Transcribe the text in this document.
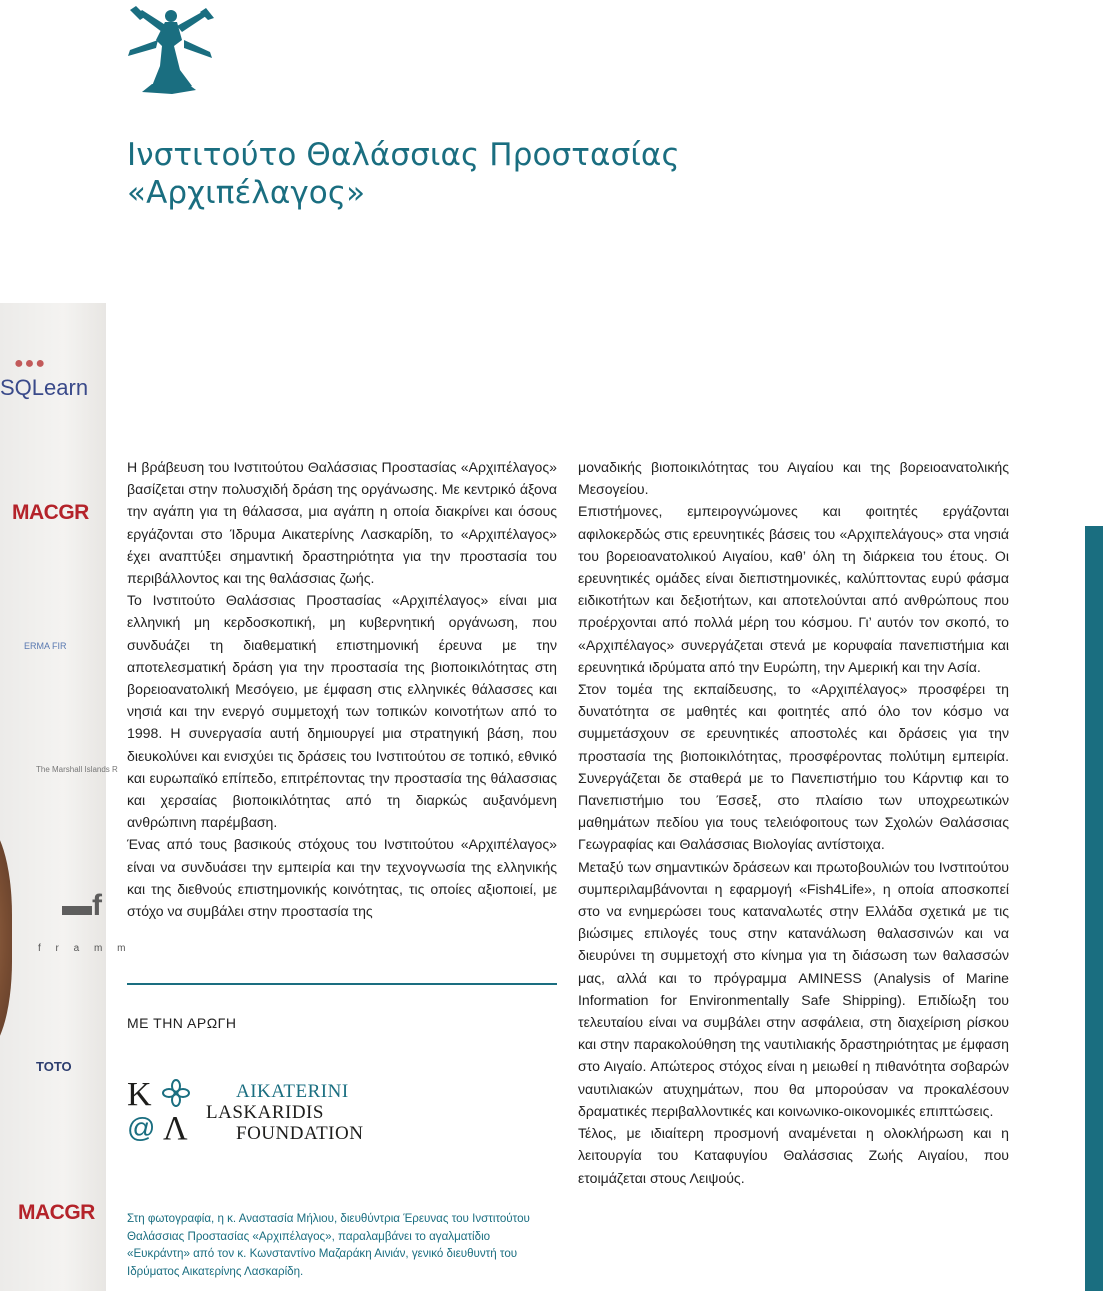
Ινστιτούτο Θαλάσσιας Προστασίας
«Αρχιπέλαγος»
●●●
SQLearn
MACGR
ERMA FIR
The Marshall Islands R
▬f
f r a m m
TOTO
MACGR

Η βράβευση του Ινστιτούτου Θαλάσσιας Προστασίας «Αρχιπέλαγος» βασίζεται στην πολυσχιδή δράση της οργάνωσης. Με κεντρικό άξονα την αγάπη για τη θάλασσα, μια αγάπη η οποία διακρίνει και όσους εργάζονται στο Ίδρυμα Αικατερίνης Λασκαρίδη, το «Αρχιπέλαγος» έχει αναπτύξει σημαντική δραστηριότητα για την προστασία του περιβάλλοντος και της θαλάσσιας ζωής.

Το Ινστιτούτο Θαλάσσιας Προστασίας «Αρχιπέλαγος» είναι μια ελληνική μη κερδοσκοπική, μη κυβερνητική οργάνωση, που συνδυάζει τη διαθεματική επιστημονική έρευνα με την αποτελεσματική δράση για την προστασία της βιοποικιλότητας στη βορειοανατολική Μεσόγειο, με έμφαση στις ελληνικές θάλασσες και νησιά και την ενεργό συμμετοχή των τοπικών κοινοτήτων από το 1998. Η συνεργασία αυτή δημιουργεί μια στρατηγική βάση, που διευκολύνει και ενισχύει τις δράσεις του Ινστιτούτου σε τοπικό, εθνικό και ευρωπαϊκό επίπεδο, επιτρέποντας την προστασία της θάλασσιας και χερσαίας βιοποικιλότητας από τη διαρκώς αυξανόμενη ανθρώπινη παρέμβαση.

Ένας από τους βασικούς στόχους του Ινστιτούτου «Αρχιπέλαγος» είναι να συνδυάσει την εμπειρία και την τεχνογνωσία της ελληνικής και της διεθνούς επιστημονικής κοινότητας, τις οποίες αξιοποιεί, με στόχο να συμβάλει στην προστασία της

ΜΕ ΤΗΝ ΑΡΩΓΗ

Κ
@ Λ

AIKATERINI
LASKARIDIS
FOUNDATION

Στη φωτογραφία, η κ. Αναστασία Μήλιου, διευθύντρια Έρευνας του Ινστιτούτου Θαλάσσιας Προστασίας «Αρχιπέλαγος», παραλαμβάνει το αγαλματίδιο «Ευκράντη» από τον κ. Κωνσταντίνο Μαζαράκη Αινιάν, γενικό διευθυντή του Ιδρύματος Αικατερίνης Λασκαρίδη.

μοναδικής βιοποικιλότητας του Αιγαίου και της βορειοανατολικής Μεσογείου.

Επιστήμονες, εμπειρογνώμονες και φοιτητές εργάζονται αφιλοκερδώς στις ερευνητικές βάσεις του «Αρχιπελάγους» στα νησιά του βορειοανατολικού Αιγαίου, καθ’ όλη τη διάρκεια του έτους. Οι ερευνητικές ομάδες είναι διεπιστημονικές, καλύπτοντας ευρύ φάσμα ειδικοτήτων και δεξιοτήτων, και αποτελούνται από ανθρώπους που προέρχονται από πολλά μέρη του κόσμου. Γι’ αυτόν τον σκοπό, το «Αρχιπέλαγος» συνεργάζεται στενά με κορυφαία πανεπιστήμια και ερευνητικά ιδρύματα από την Ευρώπη, την Αμερική και την Ασία.

Στον τομέα της εκπαίδευσης, το «Αρχιπέλαγος» προσφέρει τη δυνατότητα σε μαθητές και φοιτητές από όλο τον κόσμο να συμμετάσχουν σε ερευνητικές αποστολές και δράσεις για την προστασία της βιοποικιλότητας, προσφέροντας πολύτιμη εμπειρία. Συνεργάζεται δε σταθερά με το Πανεπιστήμιο του Κάρντιφ και το Πανεπιστήμιο του Έσσεξ, στο πλαίσιο των υποχρεωτικών μαθημάτων πεδίου για τους τελειόφοιτους των Σχολών Θαλάσσιας Γεωγραφίας και Θαλάσσιας Βιολογίας αντίστοιχα.

Μεταξύ των σημαντικών δράσεων και πρωτοβουλιών του Ινστιτούτου συμπεριλαμβάνονται η εφαρμογή «Fish4Life», η οποία αποσκοπεί στο να ενημερώσει τους καταναλωτές στην Ελλάδα σχετικά με τις βιώσιμες επιλογές τους στην κατανάλωση θαλασσινών και να διευρύνει τη συμμετοχή στο κίνημα για τη διάσωση των θαλασσών μας, αλλά και το πρόγραμμα AMINESS (Analysis of Marine Information for Environmentally Safe Shipping). Επιδίωξη του τελευταίου είναι να συμβάλει στην ασφάλεια, στη διαχείριση ρίσκου και στην παρακολούθηση της ναυτιλιακής δραστηριότητας με έμφαση στο Αιγαίο. Απώτερος στόχος είναι η μειωθεί η πιθανότητα σοβαρών ναυτιλιακών ατυχημάτων, που θα μπορούσαν να προκαλέσουν δραματικές περιβαλλοντικές και κοινωνικο-οικονομικές επιπτώσεις.

Τέλος, με ιδιαίτερη προσμονή αναμένεται η ολοκλήρωση και η λειτουργία του Καταφυγίου Θαλάσσιας Ζωής Αιγαίου, που ετοιμάζεται στους Λειψούς.
